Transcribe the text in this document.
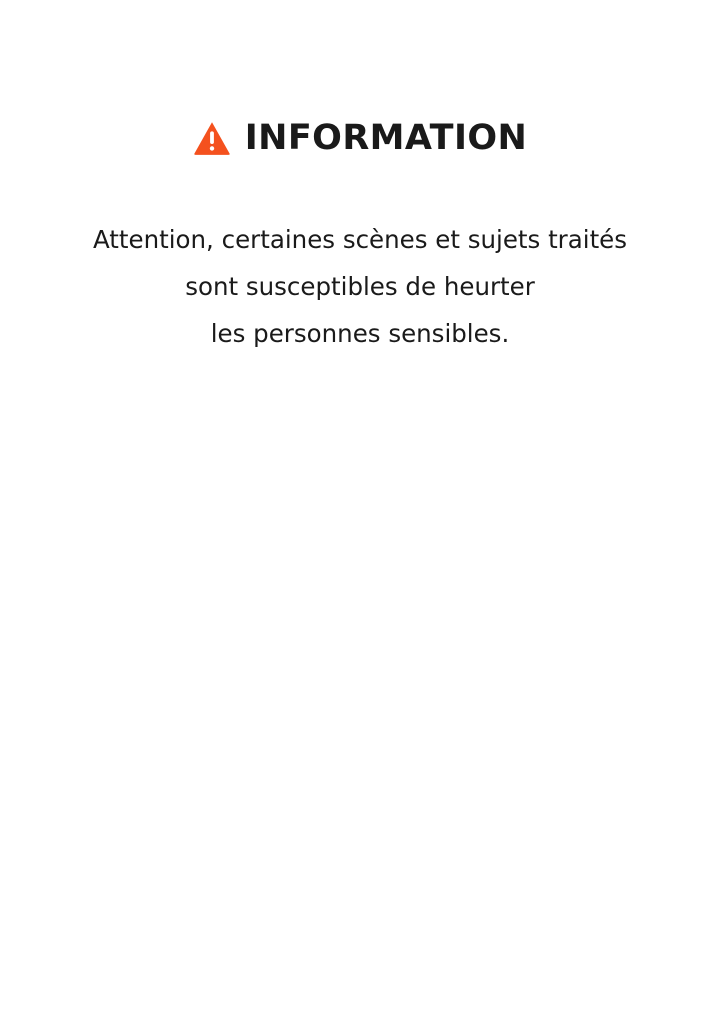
INFORMATION

Attention, certaines scènes et sujets traités
sont susceptibles de heurter
les personnes sensibles.
